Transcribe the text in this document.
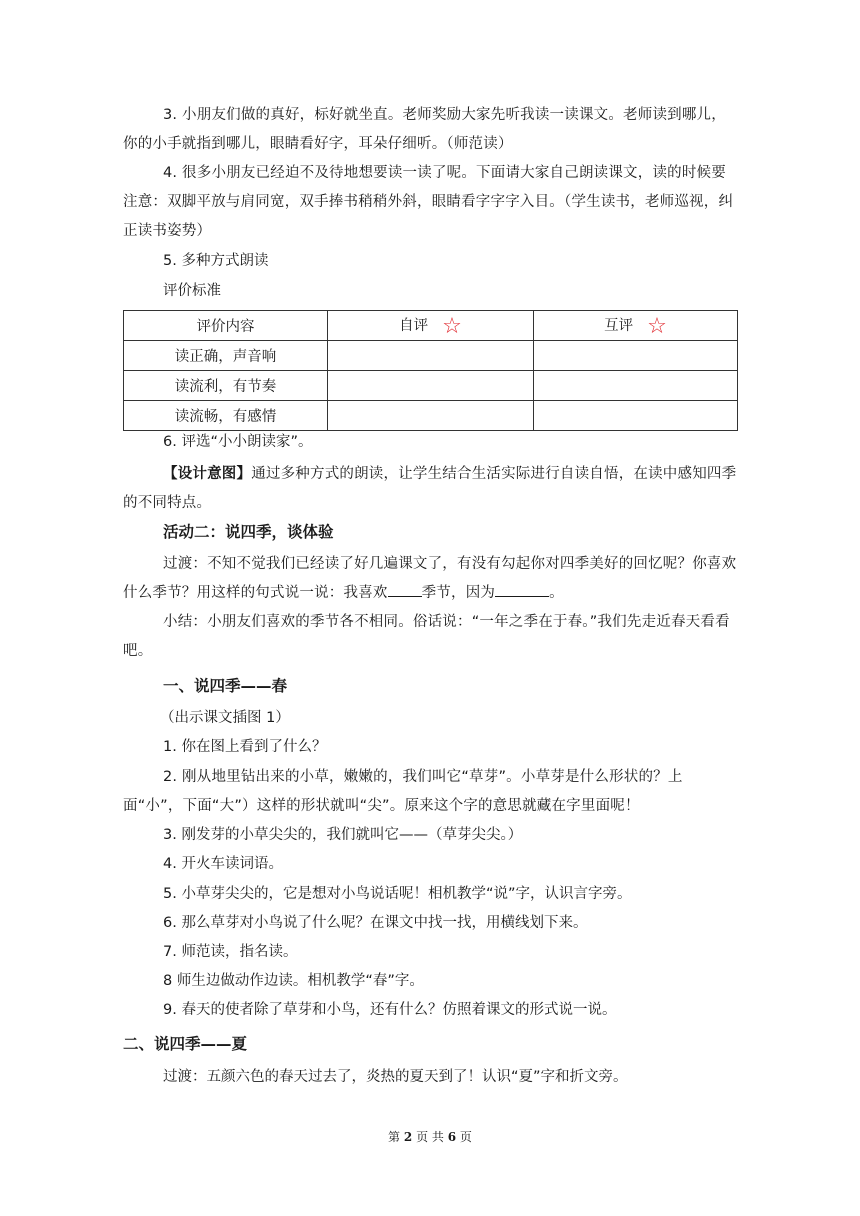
3. 小朋友们做的真好，标好就坐直。老师奖励大家先听我读一读课文。老师读到哪儿，你的小手就指到哪儿，眼睛看好字，耳朵仔细听。（师范读）

4. 很多小朋友已经迫不及待地想要读一读了呢。下面请大家自己朗读课文，读的时候要注意：双脚平放与肩同宽，双手捧书稍稍外斜，眼睛看字字字入目。（学生读书，老师巡视，纠正读书姿势）

5. 多种方式朗读

评价标准

评价内容	自评 ☆	互评 ☆
读正确，声音响		
读流利，有节奏		
读流畅，有感情		

6. 评选“小小朗读家”。

【设计意图】通过多种方式的朗读，让学生结合生活实际进行自读自悟，在读中感知四季的不同特点。

活动二：说四季，谈体验

过渡：不知不觉我们已经读了好几遍课文了，有没有勾起你对四季美好的回忆呢？你喜欢什么季节？用这样的句式说一说：我喜欢 季节，因为	。

小结：小朋友们喜欢的季节各不相同。俗话说：“一年之季在于春。”我们先走近春天看看吧。

一、说四季——春

（出示课文插图 1）

1. 你在图上看到了什么？

2. 刚从地里钻出来的小草，嫩嫩的，我们叫它“草芽”。小草芽是什么形状的？上面“小”，下面“大”）这样的形状就叫“尖”。原来这个字的意思就藏在字里面呢！

3. 刚发芽的小草尖尖的，我们就叫它——（草芽尖尖。）

4. 开火车读词语。

5. 小草芽尖尖的，它是想对小鸟说话呢！相机教学“说”字，认识言字旁。

6. 那么草芽对小鸟说了什么呢？在课文中找一找，用横线划下来。

7. 师范读，指名读。

8 师生边做动作边读。相机教学“春”字。

9. 春天的使者除了草芽和小鸟，还有什么？仿照着课文的形式说一说。

二、说四季——夏

过渡：五颜六色的春天过去了，炎热的夏天到了！认识“夏”字和折文旁。

第 2 页 共 6 页
